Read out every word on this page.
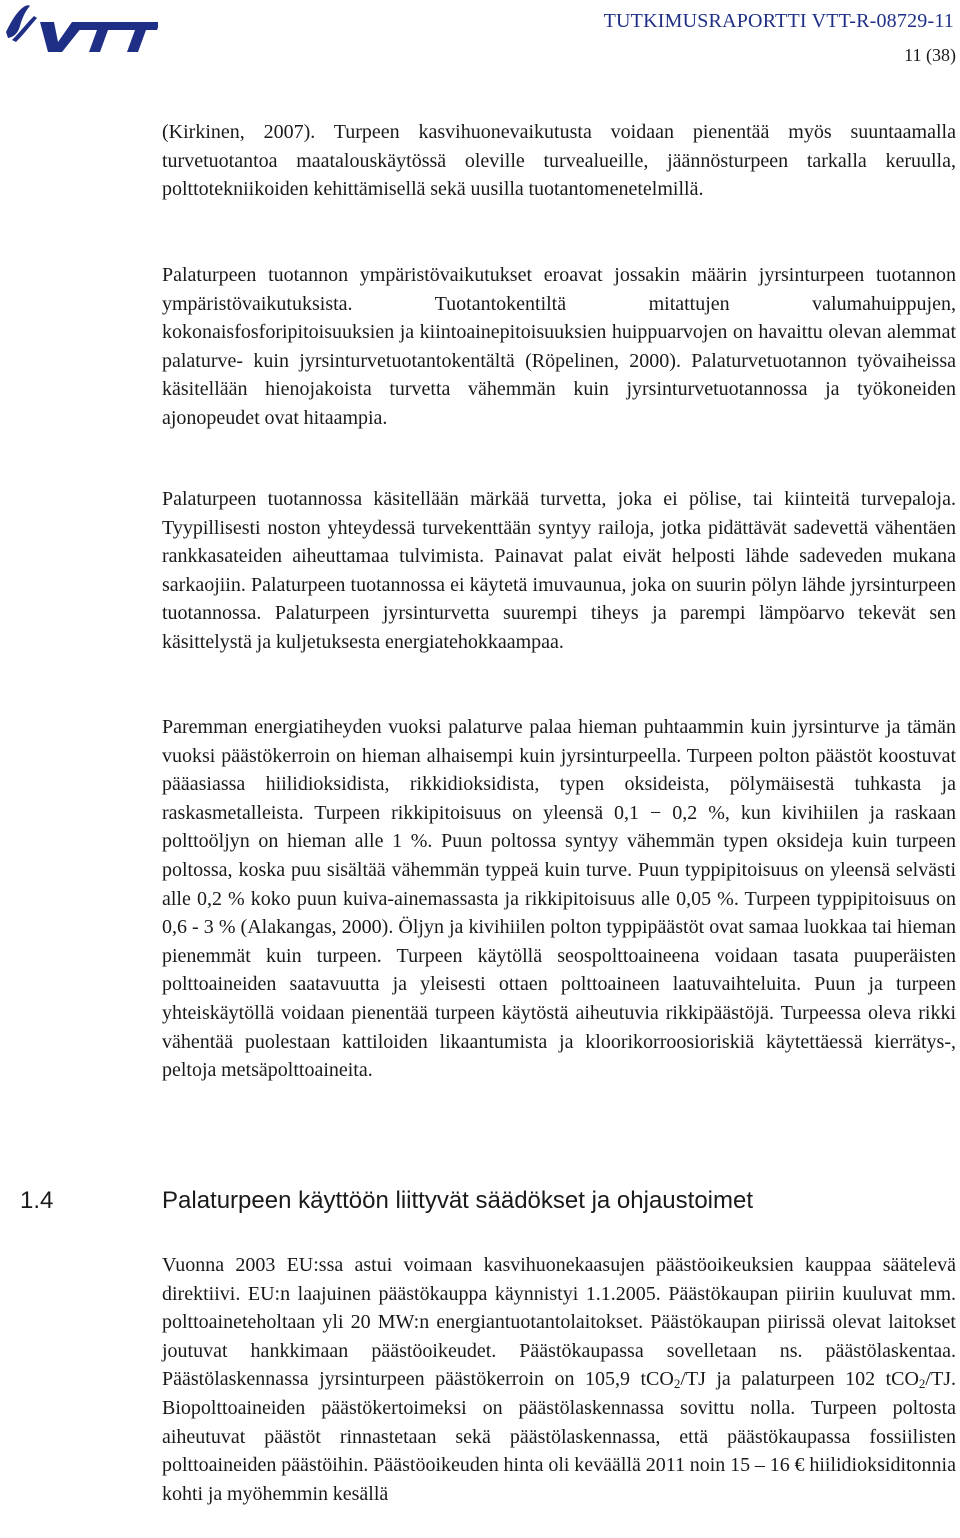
TUTKIMUSRAPORTTI VTT-R-08729-11
11 (38)

(Kirkinen, 2007). Turpeen kasvihuonevaikutusta voidaan pienentää myös suuntaamalla turvetuotantoa maatalouskäytössä oleville turvealueille, jäännösturpeen tarkalla keruulla, polttotekniikoiden kehittämisellä sekä uusilla tuotantomenetelmillä.

Palaturpeen tuotannon ympäristövaikutukset eroavat jossakin määrin jyrsinturpeen tuotannon ympäristövaikutuksista. Tuotantokentiltä mitattujen valumahuippujen, kokonaisfosforipitoisuuksien ja kiintoainepitoisuuksien huippuarvojen on havaittu olevan alemmat palaturve- kuin jyrsinturvetuotantokentältä (Röpelinen, 2000). Palaturvetuotannon työvaiheissa käsitellään hienojakoista turvetta vähemmän kuin jyrsinturvetuotannossa ja työkoneiden ajonopeudet ovat hitaampia.

Palaturpeen tuotannossa käsitellään märkää turvetta, joka ei pölise, tai kiinteitä turvepaloja. Tyypillisesti noston yhteydessä turvekenttään syntyy railoja, jotka pidättävät sadevettä vähentäen rankkasateiden aiheuttamaa tulvimista. Painavat palat eivät helposti lähde sadeveden mukana sarkaojiin. Palaturpeen tuotannossa ei käytetä imuvaunua, joka on suurin pölyn lähde jyrsinturpeen tuotannossa. Palaturpeen jyrsinturvetta suurempi tiheys ja parempi lämpöarvo tekevät sen käsittelystä ja kuljetuksesta energiatehokkaampaa.

Paremman energiatiheyden vuoksi palaturve palaa hieman puhtaammin kuin jyrsinturve ja tämän vuoksi päästökerroin on hieman alhaisempi kuin jyrsinturpeella. Turpeen polton päästöt koostuvat pääasiassa hiilidioksidista, rikkidioksidista, typen oksideista, pölymäisestä tuhkasta ja raskasmetalleista. Turpeen rikkipitoisuus on yleensä 0,1 − 0,2 %, kun kivihiilen ja raskaan polttoöljyn on hieman alle 1 %. Puun poltossa syntyy vähemmän typen oksideja kuin turpeen poltossa, koska puu sisältää vähemmän typpeä kuin turve. Puun typpipitoisuus on yleensä selvästi alle 0,2 % koko puun kuiva-ainemassasta ja rikkipitoisuus alle 0,05 %. Turpeen typpipitoisuus on 0,6 - 3 % (Alakangas, 2000). Öljyn ja kivihiilen polton typpipäästöt ovat samaa luokkaa tai hieman pienemmät kuin turpeen. Turpeen käytöllä seospolttoaineena voidaan tasata puuperäisten polttoaineiden saatavuutta ja yleisesti ottaen polttoaineen laatuvaihteluita. Puun ja turpeen yhteiskäytöllä voidaan pienentää turpeen käytöstä aiheutuvia rikkipäästöjä. Turpeessa oleva rikki vähentää puolestaan kattiloiden likaantumista ja kloorikorroosioriskiä käytettäessä kierrätys-, peltoja metsäpolttoaineita.

1.4	Palaturpeen käyttöön liittyvät säädökset ja ohjaustoimet

Vuonna 2003 EU:ssa astui voimaan kasvihuonekaasujen päästöoikeuksien kauppaa säätelevä direktiivi. EU:n laajuinen päästökauppa käynnistyi 1.1.2005. Päästökaupan piiriin kuuluvat mm. polttoaineteholtaan yli 20 MW:n energiantuotantolaitokset. Päästökaupan piirissä olevat laitokset joutuvat hankkimaan päästöoikeudet. Päästökaupassa sovelletaan ns. päästölaskentaa. Päästölaskennassa jyrsinturpeen päästökerroin on 105,9 tCO$_2$/TJ ja palaturpeen 102 tCO$_2$/TJ. Biopolttoaineiden päästökertoimeksi on päästölaskennassa sovittu nolla. Turpeen poltosta aiheutuvat päästöt rinnastetaan sekä päästölaskennassa, että päästökaupassa fossiilisten polttoaineiden päästöihin. Päästöoikeuden hinta oli keväällä 2011 noin 15 – 16 € hiilidioksiditonnia kohti ja myöhemmin kesällä
